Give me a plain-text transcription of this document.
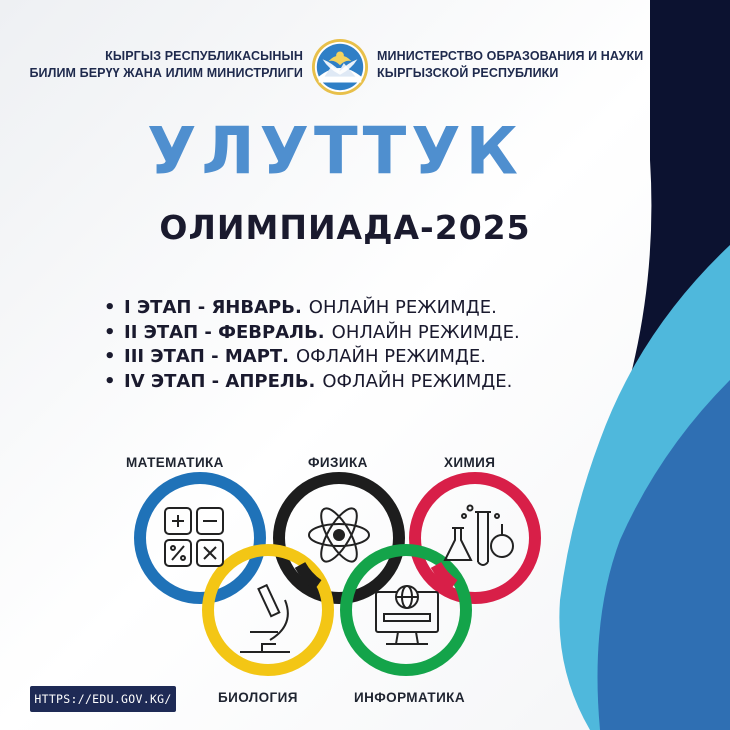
КЫРГЫЗ РЕСПУБЛИКАСЫНЫН
БИЛИМ БЕРҮҮ ЖАНА ИЛИМ МИНИСТРЛИГИ
МИНИСТЕРСТВО ОБРАЗОВАНИЯ И НАУКИ
КЫРГЫЗСКОЙ РЕСПУБЛИКИ
УЛУТТУК
ОЛИМПИАДА-2025
• I ЭТАП - ЯНВАРЬ. ОНЛАЙН РЕЖИМДЕ.
• II ЭТАП - ФЕВРАЛЬ. ОНЛАЙН РЕЖИМДЕ.
• III ЭТАП - МАРТ. ОФЛАЙН РЕЖИМДЕ.
• IV ЭТАП - АПРЕЛЬ. ОФЛАЙН РЕЖИМДЕ.
МАТЕМАТИКА	ФИЗИКА	ХИМИЯ
БИОЛОГИЯ	ИНФОРМАТИКА
HTTPS://EDU.GOV.KG/
